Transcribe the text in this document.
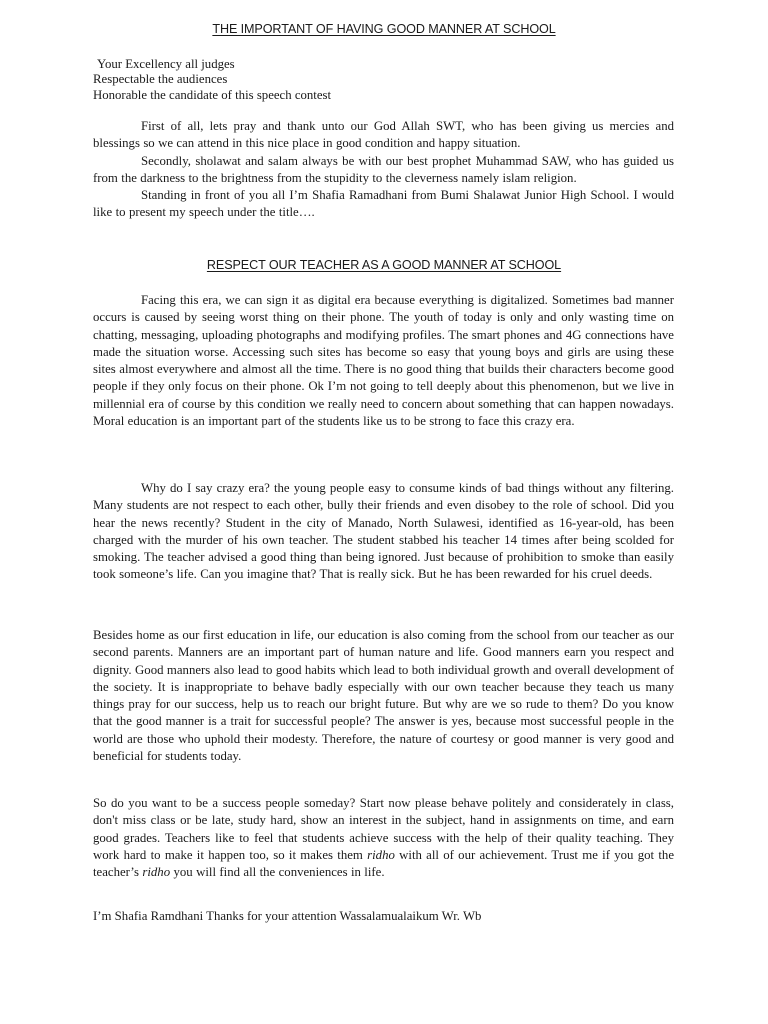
THE IMPORTANT OF HAVING GOOD MANNER AT SCHOOL
Your Excellency all judges
Respectable the audiences
Honorable the candidate of this speech contest

First of all, lets pray and thank unto our God Allah SWT, who has been giving us mercies and blessings so we can attend in this nice place in good condition and happy situation.

Secondly, sholawat and salam always be with our best prophet Muhammad SAW, who has guided us from the darkness to the brightness from the stupidity to the cleverness namely islam religion.

Standing in front of you all I’m Shafia Ramadhani from Bumi Shalawat Junior High School. I would like to present my speech under the title….

RESPECT OUR TEACHER AS A GOOD MANNER AT SCHOOL

Facing this era, we can sign it as digital era because everything is digitalized. Sometimes bad manner occurs is caused by seeing worst thing on their phone. The youth of today is only and only wasting time on chatting, messaging, uploading photographs and modifying profiles. The smart phones and 4G connections have made the situation worse. Accessing such sites has become so easy that young boys and girls are using these sites almost everywhere and almost all the time. There is no good thing that builds their characters become good people if they only focus on their phone. Ok I’m not going to tell deeply about this phenomenon, but we live in millennial era of course by this condition we really need to concern about something that can happen nowadays. Moral education is an important part of the students like us to be strong to face this crazy era.

Why do I say crazy era? the young people easy to consume kinds of bad things without any filtering. Many students are not respect to each other, bully their friends and even disobey to the role of school. Did you hear the news recently? Student in the city of Manado, North Sulawesi, identified as 16-year-old, has been charged with the murder of his own teacher. The student stabbed his teacher 14 times after being scolded for smoking. The teacher advised a good thing than being ignored. Just because of prohibition to smoke than easily took someone’s life. Can you imagine that? That is really sick. But he has been rewarded for his cruel deeds.

Besides home as our first education in life, our education is also coming from the school from our teacher as our second parents. Manners are an important part of human nature and life. Good manners earn you respect and dignity. Good manners also lead to good habits which lead to both individual growth and overall development of the society. It is inappropriate to behave badly especially with our own teacher because they teach us many things pray for our success, help us to reach our bright future. But why are we so rude to them? Do you know that the good manner is a trait for successful people? The answer is yes, because most successful people in the world are those who uphold their modesty. Therefore, the nature of courtesy or good manner is very good and beneficial for students today.

So do you want to be a success people someday? Start now please behave politely and considerately in class, don't miss class or be late, study hard, show an interest in the subject, hand in assignments on time, and earn good grades. Teachers like to feel that students achieve success with the help of their quality teaching. They work hard to make it happen too, so it makes them ridho with all of our achievement. Trust me if you got the teacher’s ridho you will find all the conveniences in life.

I’m Shafia Ramdhani Thanks for your attention Wassalamualaikum Wr. Wb
